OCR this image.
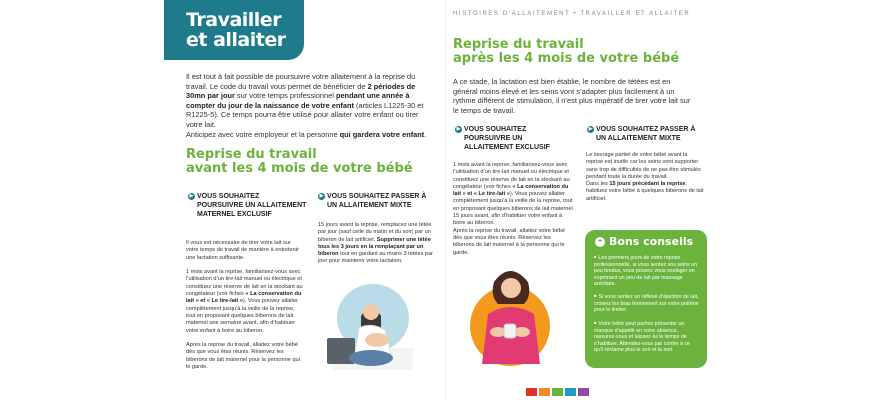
Travailler
et allaiter
Il est tout à fait possible de poursuivre votre allaitement à la reprise du travail. Le code du travail vous permet de bénéficier de 2 périodes de 30mn par jour sur votre temps professionnel pendant une année à compter du jour de la naissance de votre enfant (articles L1225-30 et R1225-5). Ce temps pourra être utilisé pour allaiter votre enfant ou tirer votre lait.
Anticipez avec votre employeur et la personne qui gardera votre enfant.
Reprise du travail
avant les 4 mois de votre bébé
▶ VOUS SOUHAITEZ POURSUIVRE UN ALLAITEMENT MATERNEL EXCLUSIF
Il vous est nécessaire de tirer votre lait sur votre temps de travail de manière à entretenir une lactation suffisante.

1 mois avant la reprise, familiarisez-vous avec l’utilisation d’un tire-lait manuel ou électrique et constituez une réserve de lait en la stockant au congélateur (voir fiches « La conservation du lait » et « Le tire-lait »). Vous pouvez allaiter complètement jusqu’à la veille de la reprise, tout en proposant quelques biberons de lait maternel une semaine avant, afin d’habituer votre enfant à boire au biberon.

Après la reprise du travail, allaitez votre bébé dès que vous êtes réunis. Réservez les biberons de lait maternel pour la personne qui le garde.
▶ VOUS SOUHAITEZ PASSER À UN ALLAITEMENT MIXTE
15 jours avant la reprise, remplacez une tétée par jour (sauf celle du matin et du soir) par un biberon de lait artificiel. Supprimer une tétée tous les 3 jours en la remplaçant par un biberon tout en gardant au moins 3 tétées par jour pour maintenir votre lactation.
HISTOIRES D’ALLAITEMENT • TRAVAILLER ET ALLAITER
Reprise du travail
après les 4 mois de votre bébé
A ce stade, la lactation est bien établie, le nombre de tétées est en général moins élevé et les seins vont s’adapter plus facilement à un rythme différent de stimulation, il n’est plus impératif de tirer votre lait sur le temps de travail.
▶ VOUS SOUHAITEZ POURSUIVRE UN ALLAITEMENT EXCLUSIF
1 mois avant la reprise, familiarisez-vous avec l’utilisation d’un tire-lait manuel ou électrique et constituez une réserve de lait en la stockant au congélateur (voir fiches « La conservation du lait » et « Le tire-lait »). Vous pouvez allaiter complètement jusqu’à la veille de la reprise, tout en proposant quelques biberons de lait maternel 15 jours avant, afin d’habituer votre enfant à boire au biberon.
Après la reprise du travail, allaitez votre bébé dès que vous êtes réunis. Réservez les biberons de lait maternel à la personne qui le garde.
▶ VOUS SOUHAITEZ PASSER À UN ALLAITEMENT MIXTE
Le sevrage partiel de votre bébé avant la reprise est inutile car les seins vont supporter sans trop de difficultés de ne pas être stimulés pendant toute la durée du travail.
Dans les 15 jours précédant la reprise, habituez votre bébé à quelques biberons de lait artificiel.
+ Bons conseils
■ Les premiers jours de votre reprise professionnelle, si vous sentez vos seins un peu tendus, vous pouvez vous soulager en exprimant un peu de lait par massage aréolaire.
■ Si vous sentez un réflexe d’éjection de lait, croisez les bras fermement sur votre poitrine pour le limiter.
■ Votre bébé peut parfois présenter un manque d’appétit en votre absence, rassurez-vous et laissez-lui le temps de s’habituer. Attendez-vous par contre à ce qu’il réclame plus le soir et la nuit.
